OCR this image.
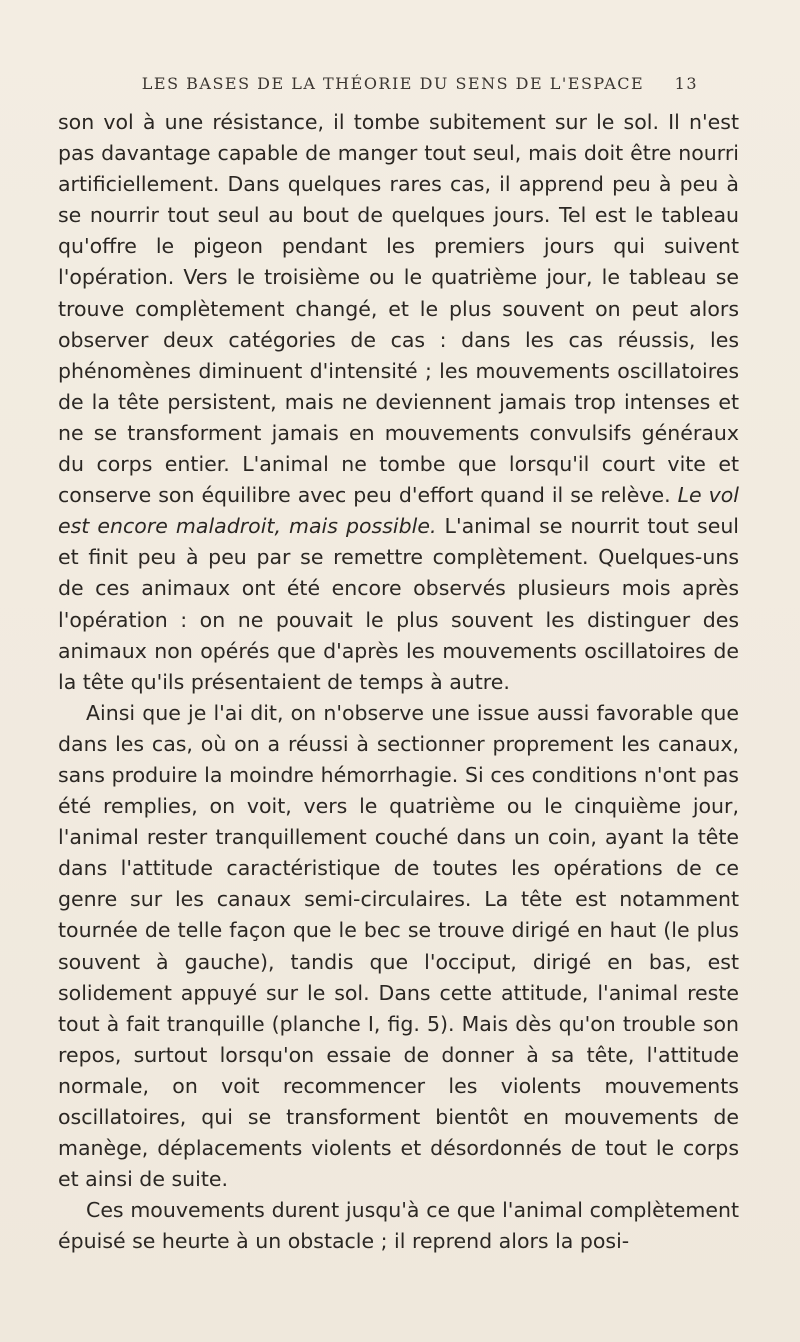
LES BASES DE LA THÉORIE DU SENS DE L'ESPACE	13

son vol à une résistance, il tombe subitement sur le sol. Il n'est pas davantage capable de manger tout seul, mais doit être nourri artificiellement. Dans quelques rares cas, il apprend peu à peu à se nourrir tout seul au bout de quelques jours. Tel est le tableau qu'offre le pigeon pendant les premiers jours qui suivent l'opération. Vers le troisième ou le quatrième jour, le tableau se trouve complètement changé, et le plus souvent on peut alors observer deux catégories de cas : dans les cas réussis, les phénomènes diminuent d'intensité ; les mouvements oscillatoires de la tête persistent, mais ne deviennent jamais trop intenses et ne se transforment jamais en mouvements convulsifs généraux du corps entier. L'animal ne tombe que lorsqu'il court vite et conserve son équilibre avec peu d'effort quand il se relève. Le vol est encore maladroit, mais possible. L'animal se nourrit tout seul et finit peu à peu par se remettre complètement. Quelques-uns de ces animaux ont été encore observés plusieurs mois après l'opération : on ne pouvait le plus souvent les distinguer des animaux non opérés que d'après les mouvements oscillatoires de la tête qu'ils présentaient de temps à autre.

Ainsi que je l'ai dit, on n'observe une issue aussi favorable que dans les cas, où on a réussi à sectionner proprement les canaux, sans produire la moindre hémorrhagie. Si ces conditions n'ont pas été remplies, on voit, vers le quatrième ou le cinquième jour, l'animal rester tranquillement couché dans un coin, ayant la tête dans l'attitude caractéristique de toutes les opérations de ce genre sur les canaux semi-circulaires. La tête est notamment tournée de telle façon que le bec se trouve dirigé en haut (le plus souvent à gauche), tandis que l'occiput, dirigé en bas, est solidement appuyé sur le sol. Dans cette attitude, l'animal reste tout à fait tranquille (planche I, fig. 5). Mais dès qu'on trouble son repos, surtout lorsqu'on essaie de donner à sa tête, l'attitude normale, on voit recommencer les violents mouvements oscillatoires, qui se transforment bientôt en mouvements de manège, déplacements violents et désordonnés de tout le corps et ainsi de suite.

Ces mouvements durent jusqu'à ce que l'animal complètement épuisé se heurte à un obstacle ; il reprend alors la posi-
